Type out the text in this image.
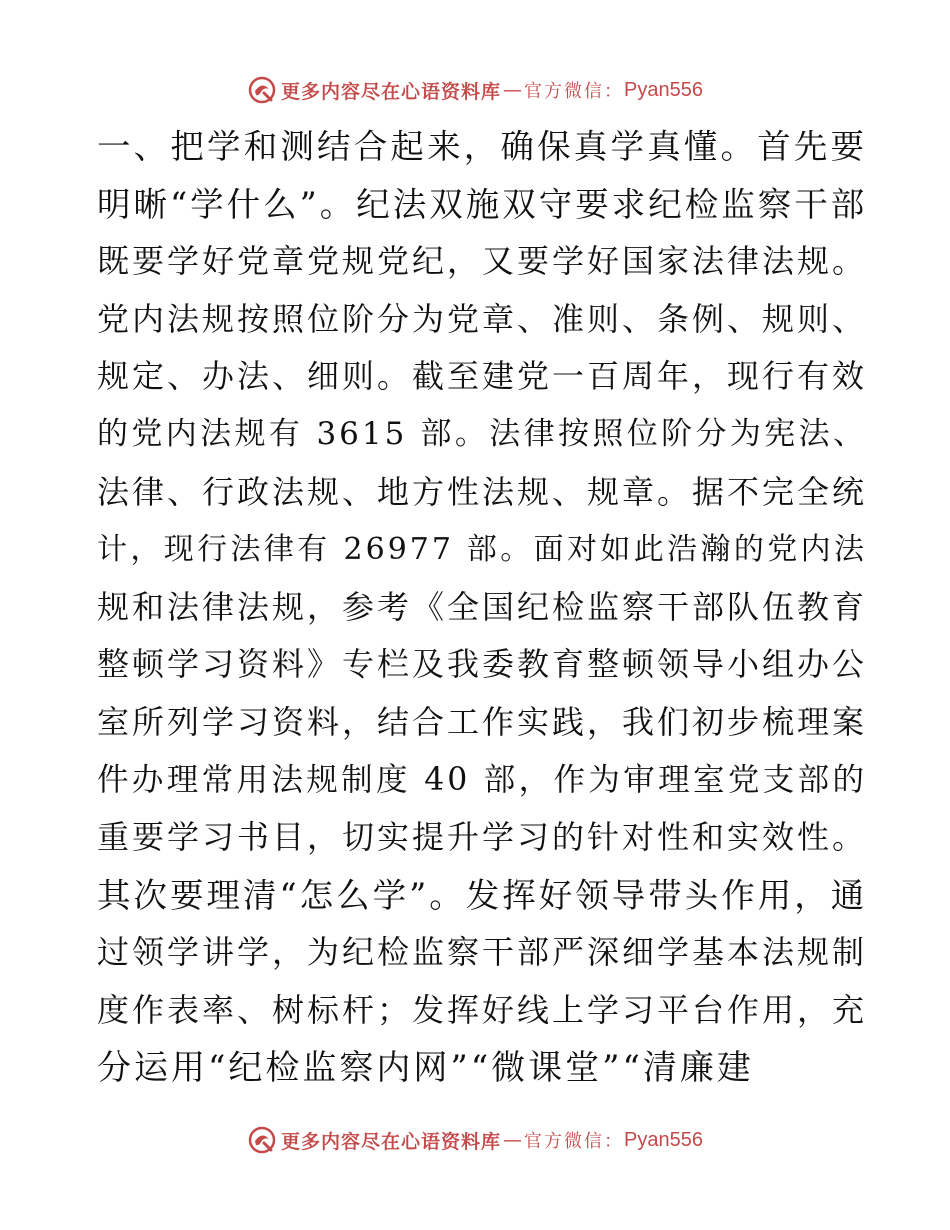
更多内容尽在心语资料库 — 官方微信： Pyan556
一、把学和测结合起来，确保真学真懂。首先要
明晰“学什么”。纪法双施双守要求纪检监察干部
既要学好党章党规党纪，又要学好国家法律法规。
党内法规按照位阶分为党章、准则、条例、规则、
规定、办法、细则。截至建党一百周年，现行有效
的党内法规有 3615 部。法律按照位阶分为宪法、
法律、行政法规、地方性法规、规章。据不完全统
计，现行法律有 26977 部。面对如此浩瀚的党内法
规和法律法规，参考《全国纪检监察干部队伍教育
整顿学习资料》专栏及我委教育整顿领导小组办公
室所列学习资料，结合工作实践，我们初步梳理案
件办理常用法规制度 40 部，作为审理室党支部的
重要学习书目，切实提升学习的针对性和实效性。
其次要理清“怎么学”。发挥好领导带头作用，通
过领学讲学，为纪检监察干部严深细学基本法规制
度作表率、树标杆；发挥好线上学习平台作用，充
分运用“纪检监察内网”“微课堂”“清廉建
更多内容尽在心语资料库 — 官方微信： Pyan556
